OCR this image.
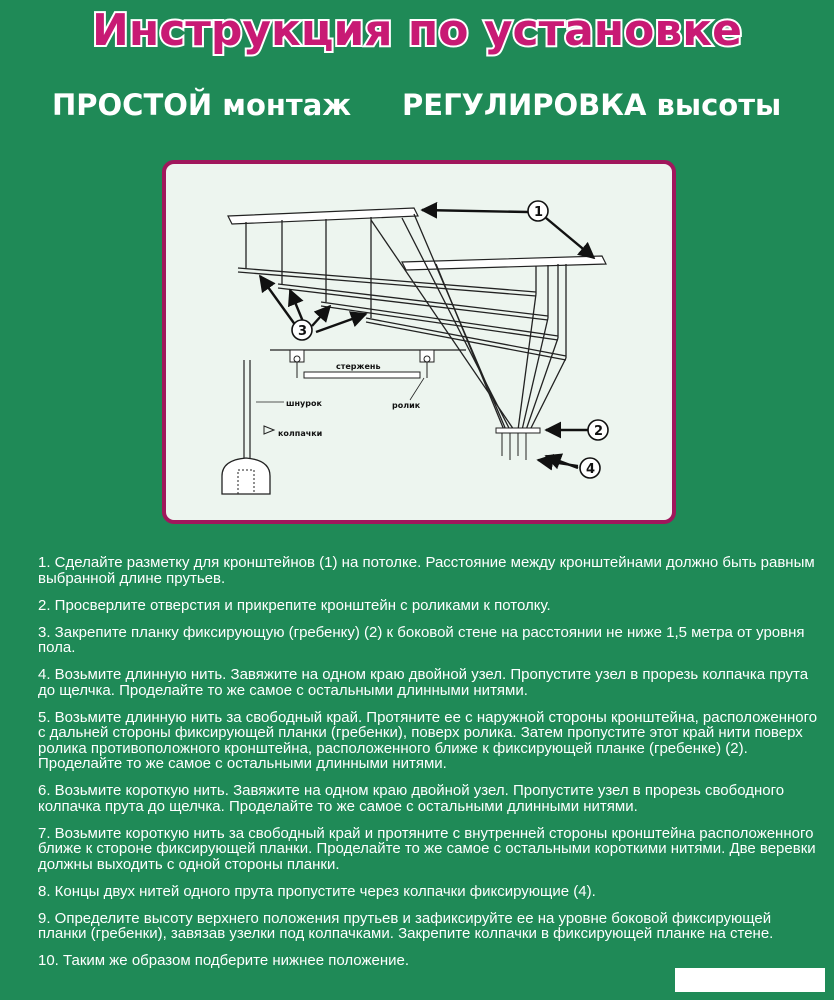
Инструкция по установке
ПРОСТОЙ монтаж РЕГУЛИРОВКА высоты
стержень
ролик
шнурок
колпачки
1
2
3
4

1. Сделайте разметку для кронштейнов (1) на потолке. Расстояние между кронштейнами должно быть равным выбранной длине прутьев.

2. Просверлите отверстия и прикрепите кронштейн с роликами к потолку.

3. Закрепите планку фиксирующую (гребенку) (2) к боковой стене на расстоянии не ниже 1,5 метра от уровня пола.

4. Возьмите длинную нить. Завяжите на одном краю двойной узел. Пропустите узел в прорезь колпачка прута до щелчка. Проделайте то же самое с остальными длинными нитями.

5. Возьмите длинную нить за свободный край. Протяните ее с наружной стороны кронштейна, расположенного с дальней стороны фиксирующей планки (гребенки), поверх ролика. Затем пропустите этот край нити поверх ролика противоположного кронштейна, расположенного ближе к фиксирующей планке (гребенке) (2). Проделайте то же самое с остальными длинными нитями.

6. Возьмите короткую нить. Завяжите на одном краю двойной узел. Пропустите узел в прорезь свободного колпачка прута до щелчка. Проделайте то же самое с остальными длинными нитями.

7. Возьмите короткую нить за свободный край и протяните с внутренней стороны кронштейна расположенного ближе к стороне фиксирующей планки. Проделайте то же самое с остальными короткими нитями. Две веревки должны выходить с одной стороны планки.

8. Концы двух нитей одного прута пропустите через колпачки фиксирующие (4).

9. Определите высоту верхнего положения прутьев и зафиксируйте ее на уровне боковой фиксирующей планки (гребенки), завязав узелки под колпачками. Закрепите колпачки в фиксирующей планке на стене.

10. Таким же образом подберите нижнее положение.
